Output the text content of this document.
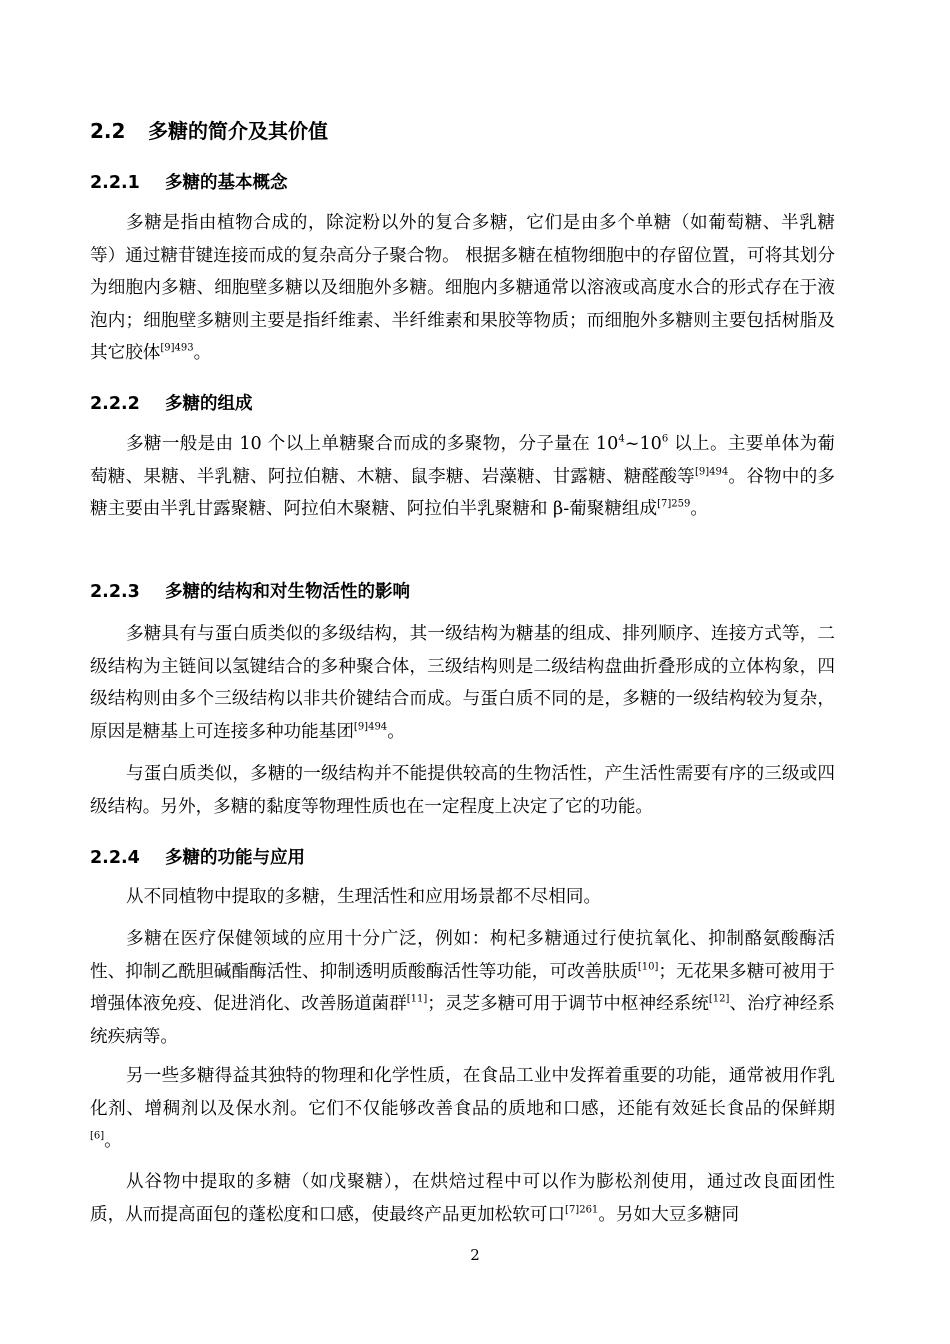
2.2 多糖的简介及其价值
2.2.1 多糖的基本概念

多糖是指由植物合成的，除淀粉以外的复合多糖，它们是由多个单糖（如葡萄糖、半乳糖等）通过糖苷键连接而成的复杂高分子聚合物。 根据多糖在植物细胞中的存留位置，可将其划分为细胞内多糖、细胞壁多糖以及细胞外多糖。细胞内多糖通常以溶液或高度水合的形式存在于液泡内；细胞壁多糖则主要是指纤维素、半纤维素和果胶等物质；而细胞外多糖则主要包括树脂及其它胶体$^{[9]493}$。

2.2.2 多糖的组成

多糖一般是由 10 个以上单糖聚合而成的多聚物，分子量在 $10^4\sim 10^6$ 以上。主要单体为葡萄糖、果糖、半乳糖、阿拉伯糖、木糖、鼠李糖、岩藻糖、甘露糖、糖醛酸等$^{[9]494}$。谷物中的多糖主要由半乳甘露聚糖、阿拉伯木聚糖、阿拉伯半乳聚糖和 β-葡聚糖组成$^{[7]259}$。

2.2.3 多糖的结构和对生物活性的影响

多糖具有与蛋白质类似的多级结构，其一级结构为糖基的组成、排列顺序、连接方式等，二级结构为主链间以氢键结合的多种聚合体，三级结构则是二级结构盘曲折叠形成的立体构象，四级结构则由多个三级结构以非共价键结合而成。与蛋白质不同的是，多糖的一级结构较为复杂，原因是糖基上可连接多种功能基团$^{[9]494}$。

与蛋白质类似，多糖的一级结构并不能提供较高的生物活性，产生活性需要有序的三级或四级结构。另外，多糖的黏度等物理性质也在一定程度上决定了它的功能。

2.2.4 多糖的功能与应用

从不同植物中提取的多糖，生理活性和应用场景都不尽相同。

多糖在医疗保健领域的应用十分广泛，例如：枸杞多糖通过行使抗氧化、抑制酪氨酸酶活性、抑制乙酰胆碱酯酶活性、抑制透明质酸酶活性等功能，可改善肤质[10]；无花果多糖可被用于增强体液免疫、促进消化、改善肠道菌群[11]；灵芝多糖可用于调节中枢神经系统[12]、治疗神经系统疾病等。

另一些多糖得益其独特的物理和化学性质，在食品工业中发挥着重要的功能，通常被用作乳化剂、增稠剂以及保水剂。它们不仅能够改善食品的质地和口感，还能有效延长食品的保鲜期[6]。

从谷物中提取的多糖（如戊聚糖），在烘焙过程中可以作为膨松剂使用，通过改良面团性质，从而提高面包的蓬松度和口感，使最终产品更加松软可口$^{[7]261}$。另如大豆多糖同

2
